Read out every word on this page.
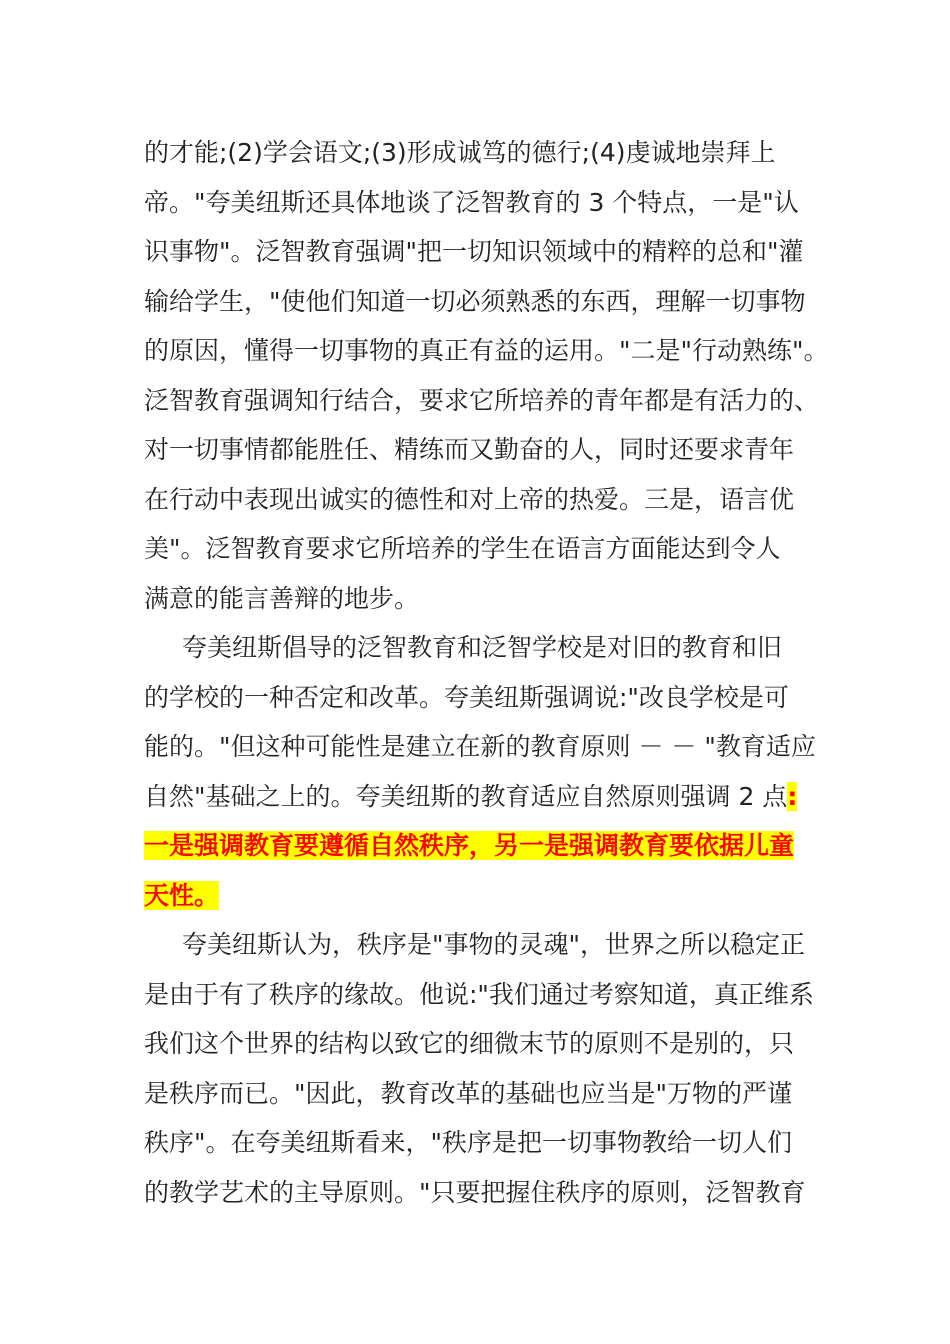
的才能;(2)学会语文;(3)形成诚笃的德行;(4)虔诚地崇拜上
帝。"夸美纽斯还具体地谈了泛智教育的 3 个特点，一是"认
识事物"。泛智教育强调"把一切知识领域中的精粹的总和"灌
输给学生，"使他们知道一切必须熟悉的东西，理解一切事物
的原因，懂得一切事物的真正有益的运用。"二是"行动熟练"。
泛智教育强调知行结合，要求它所培养的青年都是有活力的、
对一切事情都能胜任、精练而又勤奋的人，同时还要求青年
在行动中表现出诚实的德性和对上帝的热爱。三是，语言优
美"。泛智教育要求它所培养的学生在语言方面能达到令人
满意的能言善辩的地步。
夸美纽斯倡导的泛智教育和泛智学校是对旧的教育和旧
的学校的一种否定和改革。夸美纽斯强调说:"改良学校是可
能的。"但这种可能性是建立在新的教育原则 － － "教育适应
自然"基础之上的。夸美纽斯的教育适应自然原则强调 2 点:
一是强调教育要遵循自然秩序，另一是强调教育要依据儿童
天性。
夸美纽斯认为，秩序是"事物的灵魂"，世界之所以稳定正
是由于有了秩序的缘故。他说:"我们通过考察知道，真正维系
我们这个世界的结构以致它的细微末节的原则不是别的，只
是秩序而已。"因此，教育改革的基础也应当是"万物的严谨
秩序"。在夸美纽斯看来，"秩序是把一切事物教给一切人们
的教学艺术的主导原则。"只要把握住秩序的原则，泛智教育
